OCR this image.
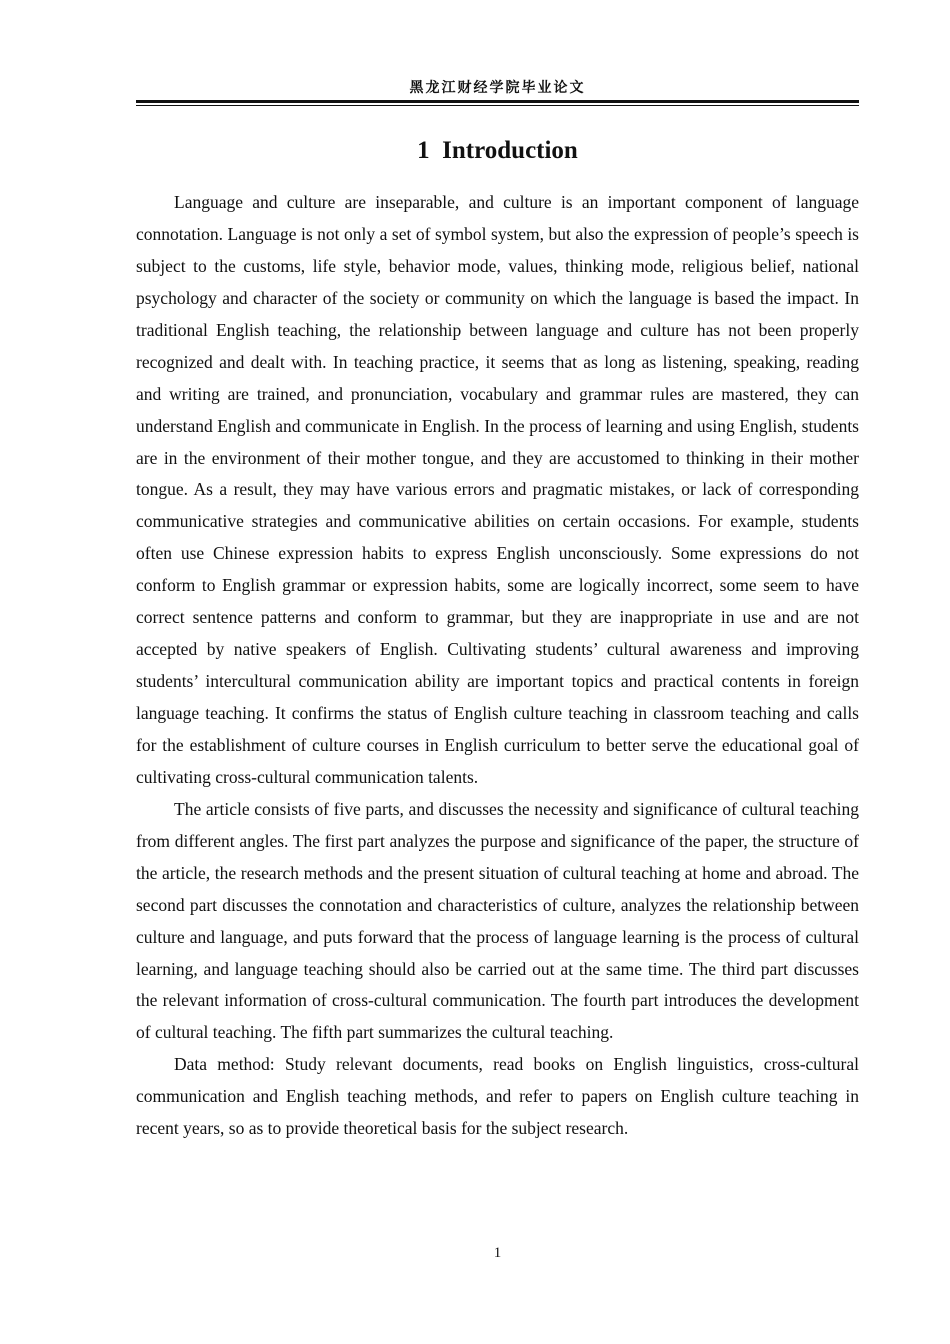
黑龙江财经学院毕业论文
1  Introduction

Language and culture are inseparable, and culture is an important component of language connotation. Language is not only a set of symbol system, but also the expression of people’s speech is subject to the customs, life style, behavior mode, values, thinking mode, religious belief, national psychology and character of the society or community on which the language is based the impact. In traditional English teaching, the relationship between language and culture has not been properly recognized and dealt with. In teaching practice, it seems that as long as listening, speaking, reading and writing are trained, and pronunciation, vocabulary and grammar rules are mastered, they can understand English and communicate in English. In the process of learning and using English, students are in the environment of their mother tongue, and they are accustomed to thinking in their mother tongue. As a result, they may have various errors and pragmatic mistakes, or lack of corresponding communicative strategies and communicative abilities on certain occasions. For example, students often use Chinese expression habits to express English unconsciously. Some expressions do not conform to English grammar or expression habits, some are logically incorrect, some seem to have correct sentence patterns and conform to grammar, but they are inappropriate in use and are not accepted by native speakers of English. Cultivating students’ cultural awareness and improving students’ intercultural communication ability are important topics and practical contents in foreign language teaching. It confirms the status of English culture teaching in classroom teaching and calls for the establishment of culture courses in English curriculum to better serve the educational goal of cultivating cross-cultural communication talents.

The article consists of five parts, and discusses the necessity and significance of cultural teaching from different angles. The first part analyzes the purpose and significance of the paper, the structure of the article, the research methods and the present situation of cultural teaching at home and abroad. The second part discusses the connotation and characteristics of culture, analyzes the relationship between culture and language, and puts forward that the process of language learning is the process of cultural learning, and language teaching should also be carried out at the same time. The third part discusses the relevant information of cross-cultural communication. The fourth part introduces the development of cultural teaching. The fifth part summarizes the cultural teaching.

Data method: Study relevant documents, read books on English linguistics, cross-cultural communication and English teaching methods, and refer to papers on English culture teaching in recent years, so as to provide theoretical basis for the subject research.

1
